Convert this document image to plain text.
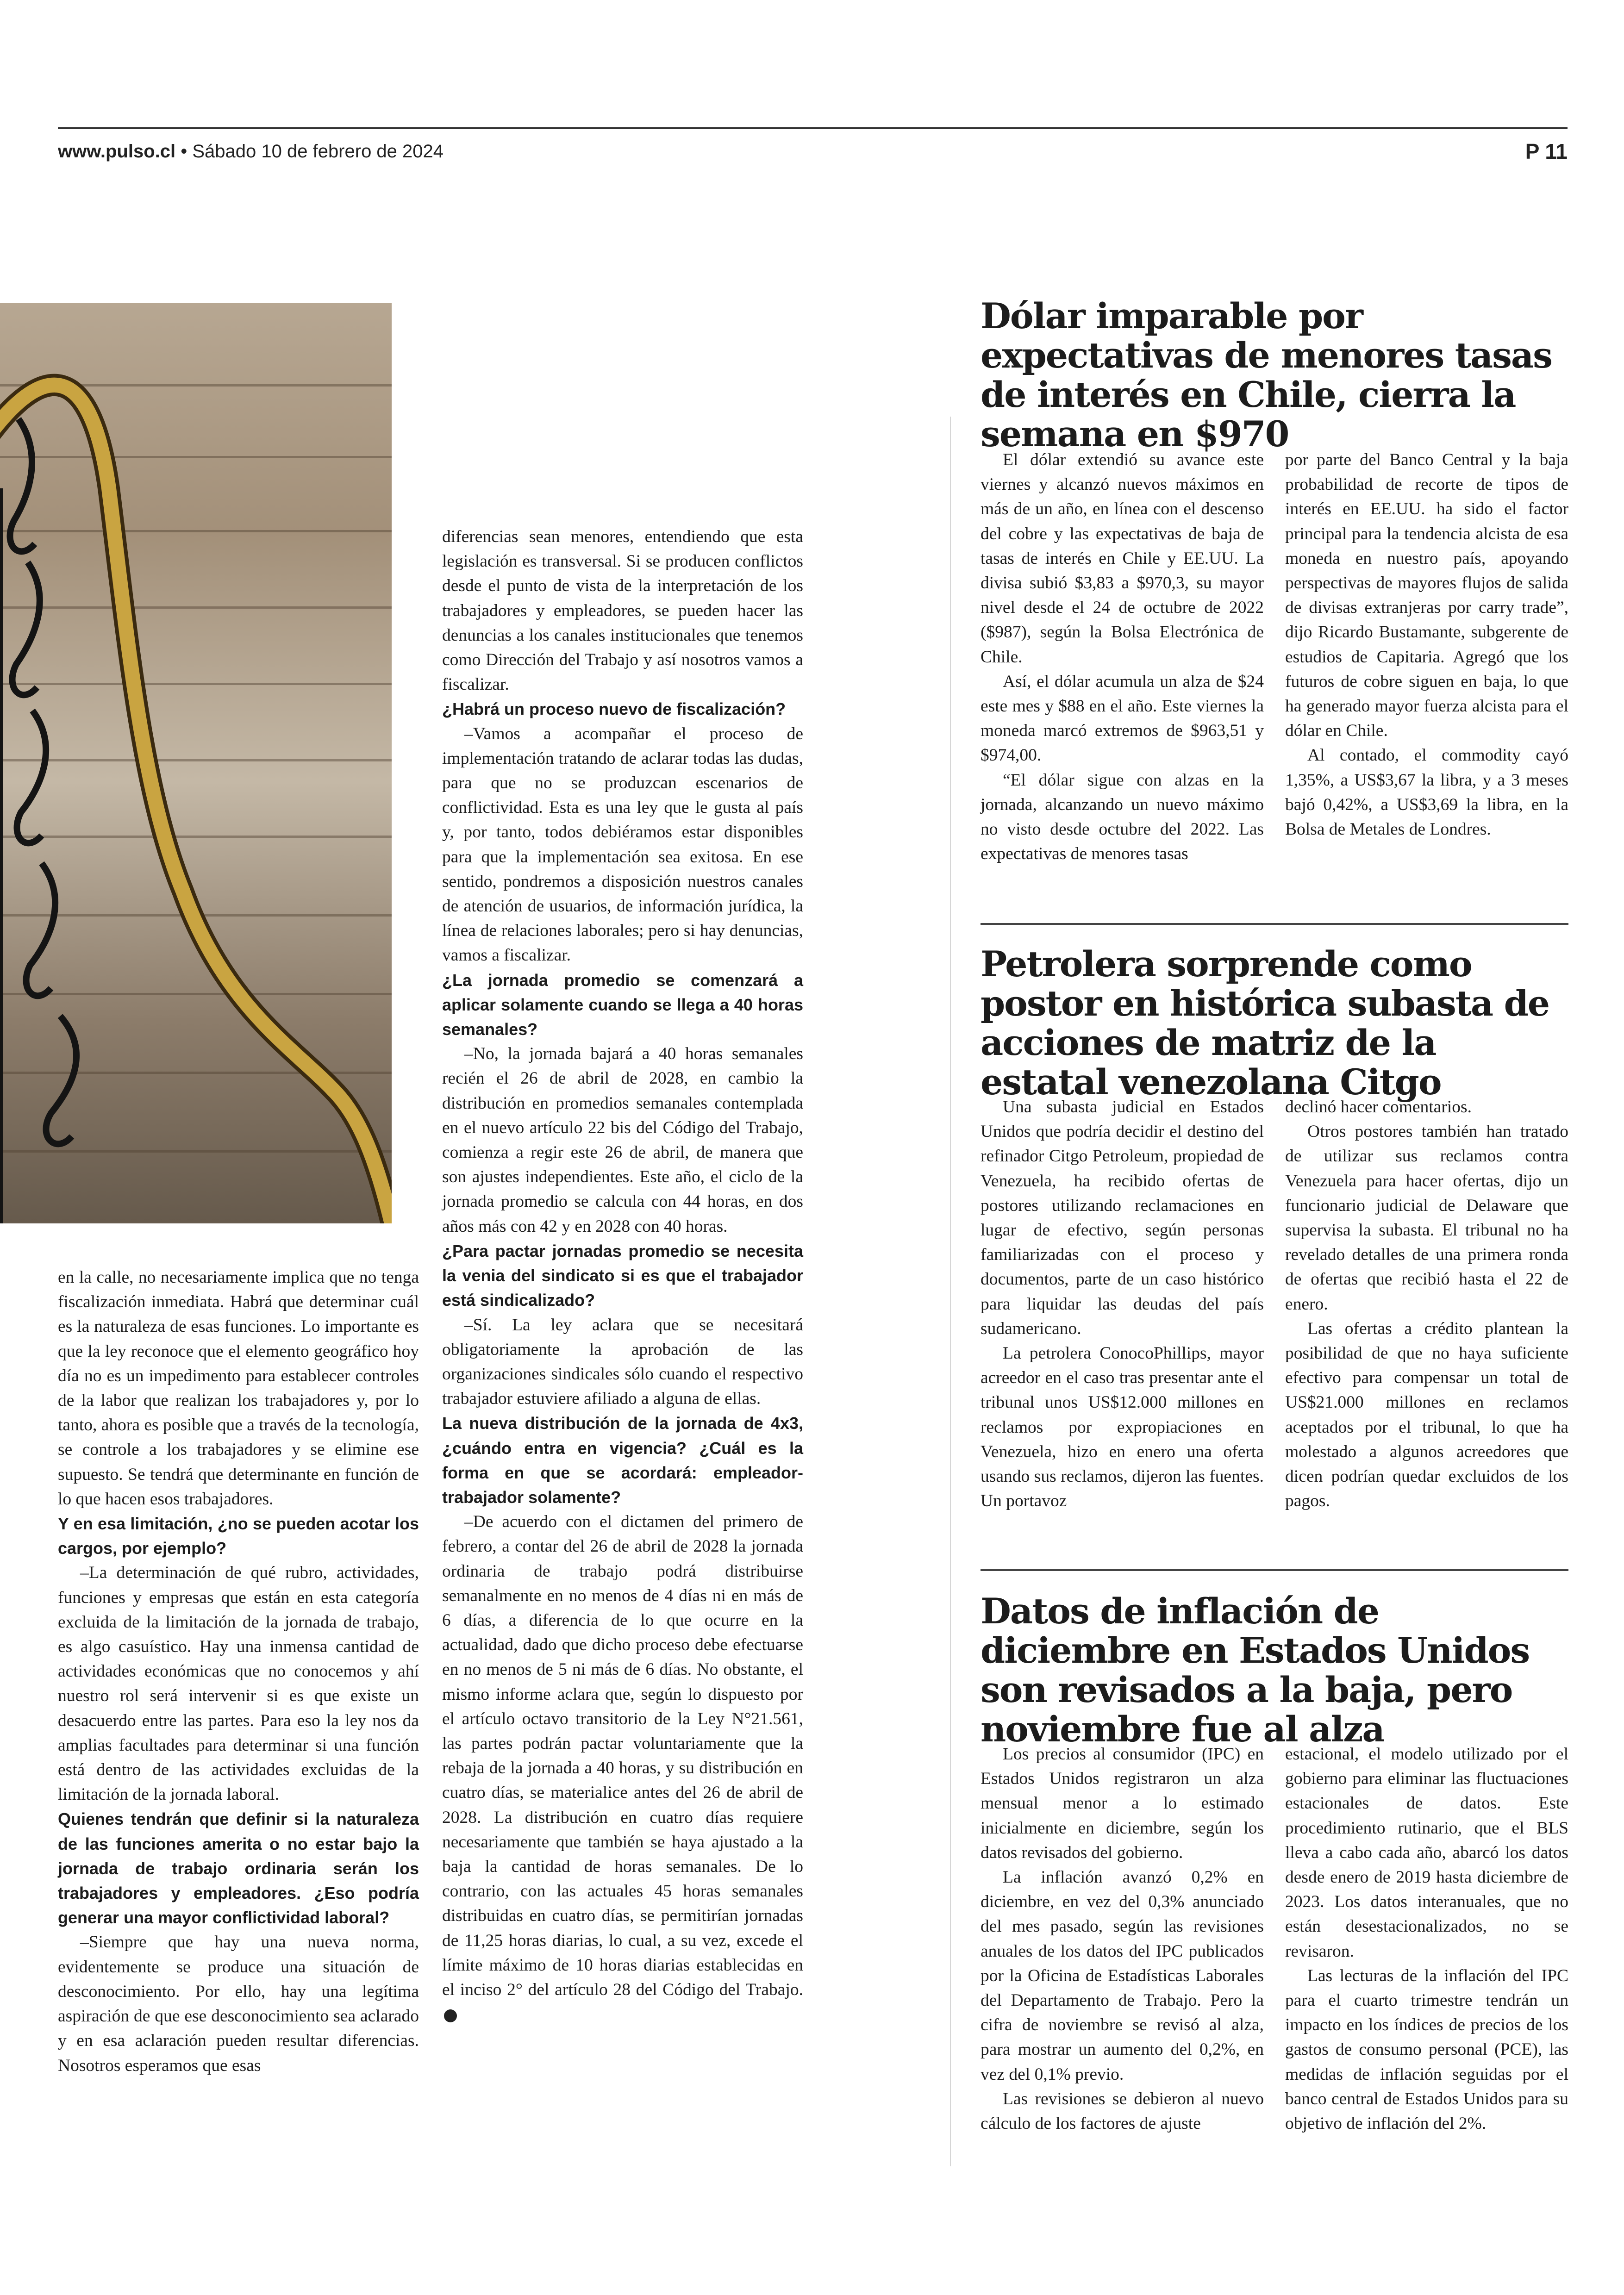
www.pulso.cl • Sábado 10 de febrero de 2024	P 11

en la calle, no necesariamente implica que no tenga fiscalización inmediata. Habrá que determinar cuál es la naturaleza de esas funciones. Lo importante es que la ley reconoce que el elemento geográfico hoy día no es un impedimento para establecer controles de la labor que realizan los trabajadores y, por lo tanto, ahora es posible que a través de la tecnología, se controle a los trabajadores y se elimine ese supuesto. Se tendrá que determinante en función de lo que hacen esos trabajadores.

Y en esa limitación, ¿no se pueden acotar los cargos, por ejemplo?

–La determinación de qué rubro, actividades, funciones y empresas que están en esta categoría excluida de la limitación de la jornada de trabajo, es algo casuístico. Hay una inmensa cantidad de actividades económicas que no conocemos y ahí nuestro rol será intervenir si es que existe un desacuerdo entre las partes. Para eso la ley nos da amplias facultades para determinar si una función está dentro de las actividades excluidas de la limitación de la jornada laboral.

Quienes tendrán que definir si la naturaleza de las funciones amerita o no estar bajo la jornada de trabajo ordinaria serán los trabajadores y empleadores. ¿Eso podría generar una mayor conflictividad laboral?

–Siempre que hay una nueva norma, evidentemente se produce una situación de desconocimiento. Por ello, hay una legítima aspiración de que ese desconocimiento sea aclarado y en esa aclaración pueden resultar diferencias. Nosotros esperamos que esas

diferencias sean menores, entendiendo que esta legislación es transversal. Si se producen conflictos desde el punto de vista de la interpretación de los trabajadores y empleadores, se pueden hacer las denuncias a los canales institucionales que tenemos como Dirección del Trabajo y así nosotros vamos a fiscalizar.

¿Habrá un proceso nuevo de fiscalización?

–Vamos a acompañar el proceso de implementación tratando de aclarar todas las dudas, para que no se produzcan escenarios de conflictividad. Esta es una ley que le gusta al país y, por tanto, todos debiéramos estar disponibles para que la implementación sea exitosa. En ese sentido, pondremos a disposición nuestros canales de atención de usuarios, de información jurídica, la línea de relaciones laborales; pero si hay denuncias, vamos a fiscalizar.

¿La jornada promedio se comenzará a aplicar solamente cuando se llega a 40 horas semanales?

–No, la jornada bajará a 40 horas semanales recién el 26 de abril de 2028, en cambio la distribución en promedios semanales contemplada en el nuevo artículo 22 bis del Código del Trabajo, comienza a regir este 26 de abril, de manera que son ajustes independientes. Este año, el ciclo de la jornada promedio se calcula con 44 horas, en dos años más con 42 y en 2028 con 40 horas.

¿Para pactar jornadas promedio se necesita la venia del sindicato si es que el trabajador está sindicalizado?

–Sí. La ley aclara que se necesitará obligatoriamente la aprobación de las organizaciones sindicales sólo cuando el respectivo trabajador estuviere afiliado a alguna de ellas.

La nueva distribución de la jornada de 4x3, ¿cuándo entra en vigencia? ¿Cuál es la forma en que se acordará: empleador-trabajador solamente?

–De acuerdo con el dictamen del primero de febrero, a contar del 26 de abril de 2028 la jornada ordinaria de trabajo podrá distribuirse semanalmente en no menos de 4 días ni en más de 6 días, a diferencia de lo que ocurre en la actualidad, dado que dicho proceso debe efectuarse en no menos de 5 ni más de 6 días. No obstante, el mismo informe aclara que, según lo dispuesto por el artículo octavo transitorio de la Ley N°21.561, las partes podrán pactar voluntariamente que la rebaja de la jornada a 40 horas, y su distribución en cuatro días, se materialice antes del 26 de abril de 2028. La distribución en cuatro días requiere necesariamente que también se haya ajustado a la baja la cantidad de horas semanales. De lo contrario, con las actuales 45 horas semanales distribuidas en cuatro días, se permitirían jornadas de 11,25 horas diarias, lo cual, a su vez, excede el límite máximo de 10 horas diarias establecidas en el inciso 2° del artículo 28 del Código del Trabajo. P

Dólar imparable por expectativas de menores tasas de interés en Chile, cierra la semana en $970

El dólar extendió su avance este viernes y alcanzó nuevos máximos en más de un año, en línea con el descenso del cobre y las expectativas de baja de tasas de interés en Chile y EE.UU. La divisa subió $3,83 a $970,3, su mayor nivel desde el 24 de octubre de 2022 ($987), según la Bolsa Electrónica de Chile.

Así, el dólar acumula un alza de $24 este mes y $88 en el año. Este viernes la moneda marcó extremos de $963,51 y $974,00.

“El dólar sigue con alzas en la jornada, alcanzando un nuevo máximo no visto desde octubre del 2022. Las expectativas de menores tasas

por parte del Banco Central y la baja probabilidad de recorte de tipos de interés en EE.UU. ha sido el factor principal para la tendencia alcista de esa moneda en nuestro país, apoyando perspectivas de mayores flujos de salida de divisas extranjeras por carry trade”, dijo Ricardo Bustamante, subgerente de estudios de Capitaria. Agregó que los futuros de cobre siguen en baja, lo que ha generado mayor fuerza alcista para el dólar en Chile.

Al contado, el commodity cayó 1,35%, a US$3,67 la libra, y a 3 meses bajó 0,42%, a US$3,69 la libra, en la Bolsa de Metales de Londres.

Petrolera sorprende como postor en histórica subasta de acciones de matriz de la estatal venezolana Citgo

Una subasta judicial en Estados Unidos que podría decidir el destino del refinador Citgo Petroleum, propiedad de Venezuela, ha recibido ofertas de postores utilizando reclamaciones en lugar de efectivo, según personas familiarizadas con el proceso y documentos, parte de un caso histórico para liquidar las deudas del país sudamericano.

La petrolera ConocoPhillips, mayor acreedor en el caso tras presentar ante el tribunal unos US$12.000 millones en reclamos por expropiaciones en Venezuela, hizo en enero una oferta usando sus reclamos, dijeron las fuentes. Un portavoz

declinó hacer comentarios.

Otros postores también han tratado de utilizar sus reclamos contra Venezuela para hacer ofertas, dijo un funcionario judicial de Delaware que supervisa la subasta. El tribunal no ha revelado detalles de una primera ronda de ofertas que recibió hasta el 22 de enero.

Las ofertas a crédito plantean la posibilidad de que no haya suficiente efectivo para compensar un total de US$21.000 millones en reclamos aceptados por el tribunal, lo que ha molestado a algunos acreedores que dicen podrían quedar excluidos de los pagos.

Datos de inflación de diciembre en Estados Unidos son revisados a la baja, pero noviembre fue al alza

Los precios al consumidor (IPC) en Estados Unidos registraron un alza mensual menor a lo estimado inicialmente en diciembre, según los datos revisados del gobierno.

La inflación avanzó 0,2% en diciembre, en vez del 0,3% anunciado del mes pasado, según las revisiones anuales de los datos del IPC publicados por la Oficina de Estadísticas Laborales del Departamento de Trabajo. Pero la cifra de noviembre se revisó al alza, para mostrar un aumento del 0,2%, en vez del 0,1% previo.

Las revisiones se debieron al nuevo cálculo de los factores de ajuste

estacional, el modelo utilizado por el gobierno para eliminar las fluctuaciones estacionales de datos. Este procedimiento rutinario, que el BLS lleva a cabo cada año, abarcó los datos desde enero de 2019 hasta diciembre de 2023. Los datos interanuales, que no están desestacionalizados, no se revisaron.

Las lecturas de la inflación del IPC para el cuarto trimestre tendrán un impacto en los índices de precios de los gastos de consumo personal (PCE), las medidas de inflación seguidas por el banco central de Estados Unidos para su objetivo de inflación del 2%.
